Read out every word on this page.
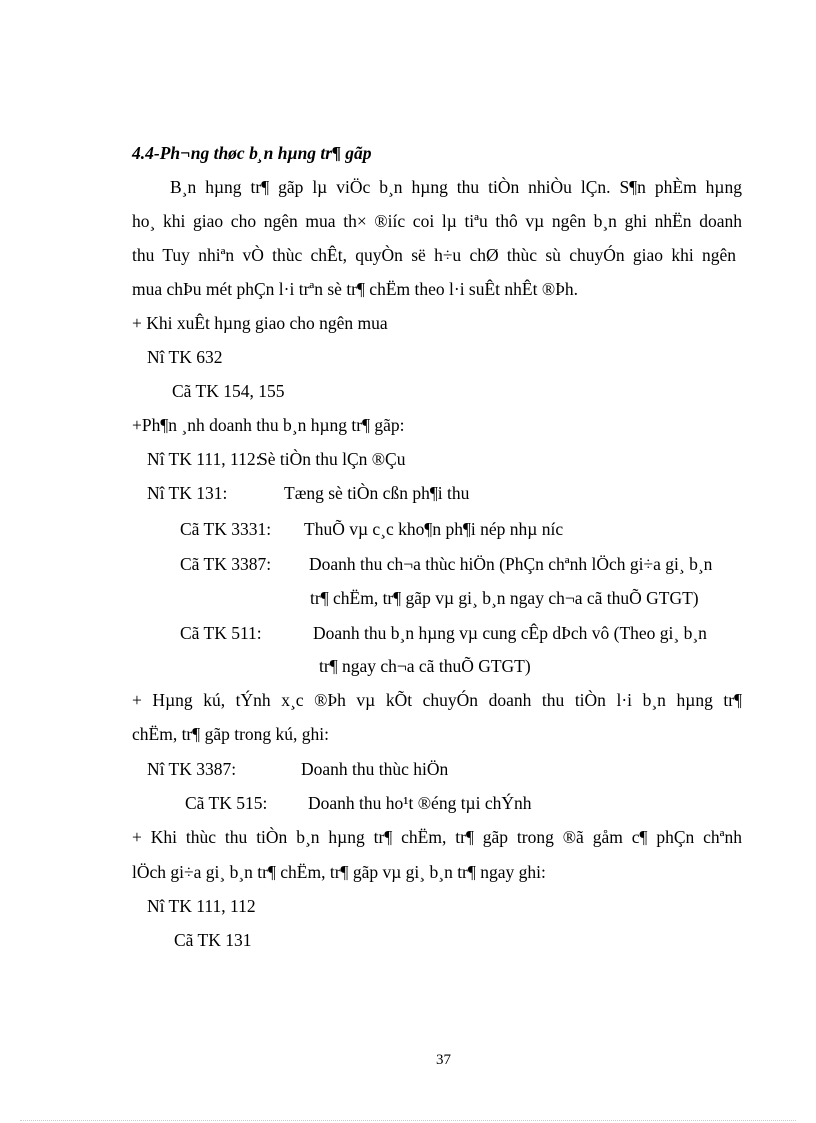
4.4-Ph¬ng thøc b¸n hµng tr¶ gãp
B¸n hµng tr¶ gãp lµ viÖc b¸n hµng thu tiÒn nhiÒu lÇn. S¶n phÈm hµng
ho¸ khi giao cho ngên mua th× ®iíc coi lµ tiªu thô vµ ngên b¸n ghi nhËn doanh
thu Tuy nhiªn vÒ thùc chÊt, quyÒn së h÷u chØ thùc sù chuyÓn giao khi ngên
mua chÞu mét phÇn l·i trªn sè tr¶ chËm theo l·i suÊt nhÊt ®Þh.
+ Khi xuÊt hµng giao cho ngên mua
Nî TK 632
Cã TK 154, 155
+Ph¶n ¸nh doanh thu b¸n hµng tr¶ gãp:
Nî TK 111, 112:
Sè tiÒn thu lÇn ®Çu
Nî TK 131:	Tæng sè tiÒn cßn ph¶i thu
Cã TK 3331: ThuÕ vµ c¸c kho¶n ph¶i nép nhµ níc
Cã TK 3387: Doanh thu ch¬a thùc hiÖn (PhÇn chªnh lÖch gi÷a gi¸ b¸n
tr¶ chËm, tr¶ gãp vµ gi¸ b¸n ngay ch¬a cã thuÕ GTGT)
Cã TK 511:	Doanh thu b¸n hµng vµ cung cÊp dÞch vô (Theo gi¸ b¸n
tr¶ ngay ch¬a cã thuÕ GTGT)
+ Hµng kú, tÝnh x¸c ®Þh vµ kÕt chuyÓn doanh thu tiÒn l·i b¸n hµng tr¶
chËm, tr¶ gãp trong kú, ghi:
Nî TK 3387:	Doanh thu thùc hiÖn
Cã TK 515: Doanh thu ho¹t ®éng tµi chÝnh
+ Khi thùc thu tiÒn b¸n hµng tr¶ chËm, tr¶ gãp trong ®ã gåm c¶ phÇn chªnh
lÖch gi÷a gi¸ b¸n tr¶ chËm, tr¶ gãp vµ gi¸ b¸n tr¶ ngay ghi:
Nî TK 111, 112
Cã TK 131
37
